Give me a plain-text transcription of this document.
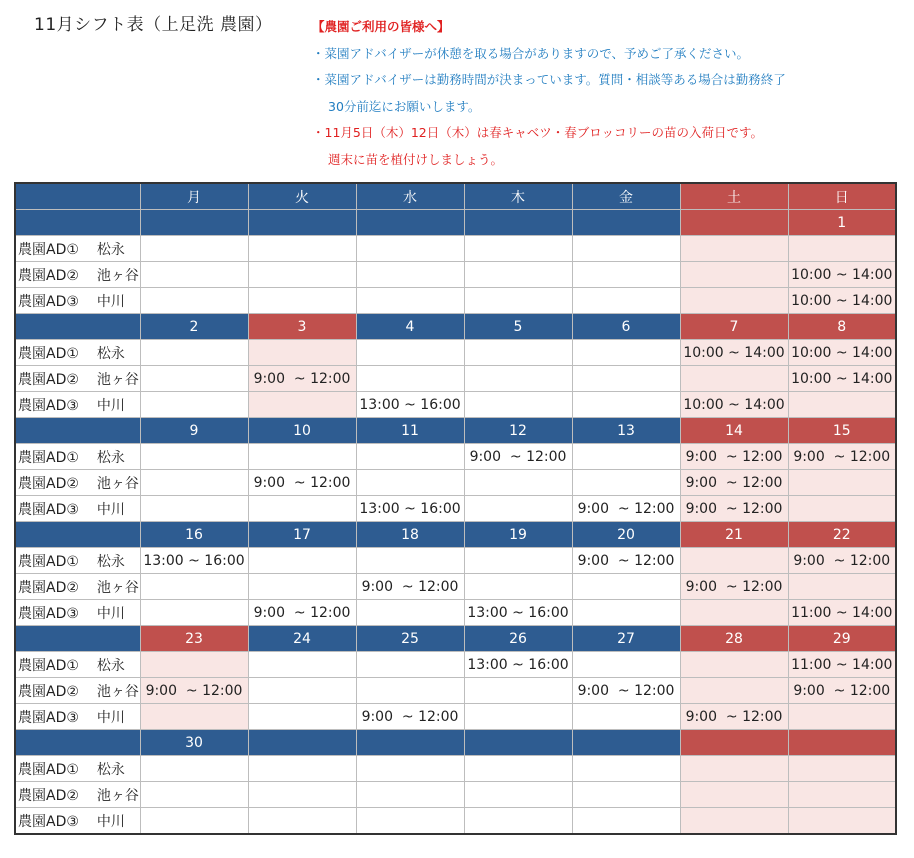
11月シフト表（上足洗 農園）	【農園ご利用の皆様へ】
・菜園アドバイザーが休憩を取る場合がありますので、予めご了承ください。
・菜園アドバイザーは勤務時間が決まっています。質問・相談等ある場合は勤務終了
30分前迄にお願いします。
・11月5日（木）12日（木）は春キャベツ・春ブロッコリーの苗の入荷日です。
週末に苗を植付けしましょう。
	月	火	水	木	金	土	日
							1
農園AD① 松永							
農園AD② 池ヶ谷							10:00 ~ 14:00
農園AD③ 中川							10:00 ~ 14:00
	2	3	4	5	6	7	8
農園AD① 松永						10:00 ~ 14:00	10:00 ~ 14:00
農園AD② 池ヶ谷		9:00  ~ 12:00					10:00 ~ 14:00
農園AD③ 中川			13:00 ~ 16:00			10:00 ~ 14:00	
	9	10	11	12	13	14	15
農園AD① 松永				9:00  ~ 12:00		9:00  ~ 12:00	9:00  ~ 12:00
農園AD② 池ヶ谷		9:00  ~ 12:00				9:00  ~ 12:00	
農園AD③ 中川			13:00 ~ 16:00		9:00  ~ 12:00	9:00  ~ 12:00	
	16	17	18	19	20	21	22
農園AD① 松永	13:00 ~ 16:00				9:00  ~ 12:00		9:00  ~ 12:00
農園AD② 池ヶ谷			9:00  ~ 12:00			9:00  ~ 12:00	
農園AD③ 中川		9:00  ~ 12:00		13:00 ~ 16:00			11:00 ~ 14:00
	23	24	25	26	27	28	29
農園AD① 松永				13:00 ~ 16:00			11:00 ~ 14:00
農園AD② 池ヶ谷	9:00  ~ 12:00				9:00  ~ 12:00		9:00  ~ 12:00
農園AD③ 中川			9:00  ~ 12:00			9:00  ~ 12:00	
	30						
農園AD① 松永							
農園AD② 池ヶ谷							
農園AD③ 中川							
